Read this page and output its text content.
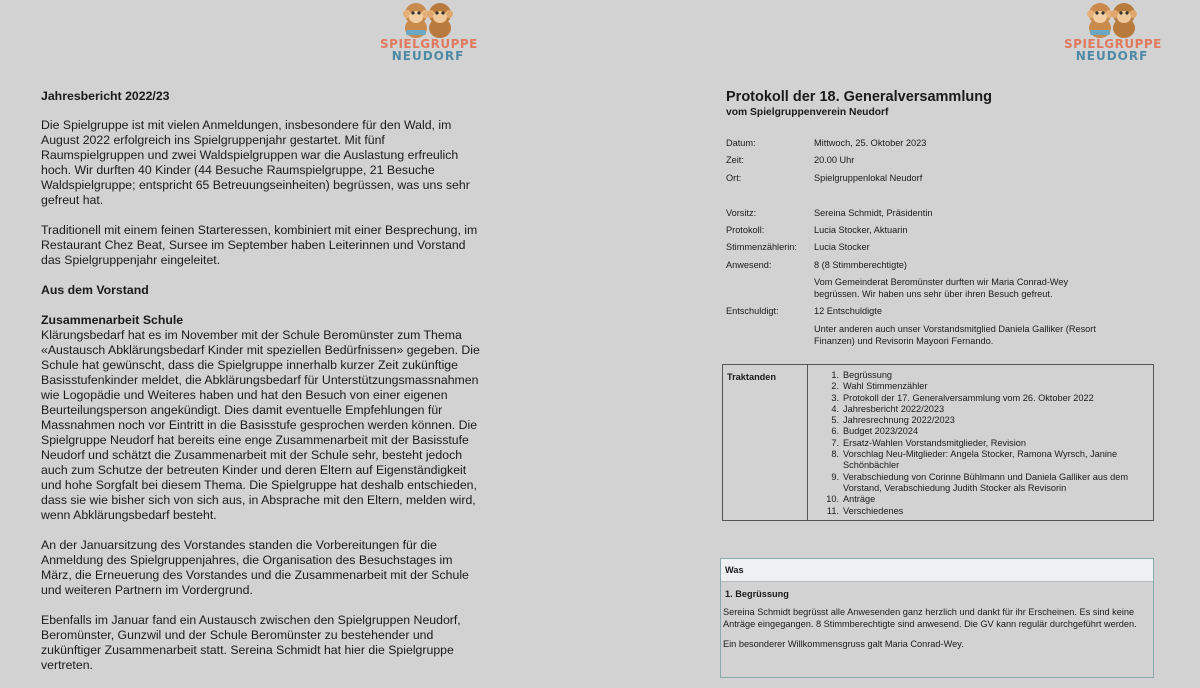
SPIELGRUPPE
NEUDORF
SPIELGRUPPE
NEUDORF
Jahresbericht 2022/23

Die Spielgruppe ist mit vielen Anmeldungen, insbesondere für den Wald, im August 2022 erfolgreich ins Spielgruppenjahr gestartet. Mit fünf Raumspielgruppen und zwei Waldspielgruppen war die Auslastung erfreulich hoch. Wir durften 40 Kinder (44 Besuche Raumspielgruppe, 21 Besuche Waldspielgruppe; entspricht 65 Betreuungseinheiten) begrüssen, was uns sehr gefreut hat.

Traditionell mit einem feinen Starteressen, kombiniert mit einer Besprechung, im Restaurant Chez Beat, Sursee im September haben Leiterinnen und Vorstand das Spielgruppenjahr eingeleitet.

Aus dem Vorstand
Zusammenarbeit Schule

Klärungsbedarf hat es im November mit der Schule Beromünster zum Thema «Austausch Abklärungsbedarf Kinder mit speziellen Bedürfnissen» gegeben. Die Schule hat gewünscht, dass die Spielgruppe innerhalb kurzer Zeit zukünftige Basisstufenkinder meldet, die Abklärungsbedarf für Unterstützungsmassnahmen wie Logopädie und Weiteres haben und hat den Besuch von einer eigenen Beurteilungsperson angekündigt. Dies damit eventuelle Empfehlungen für Massnahmen noch vor Eintritt in die Basisstufe gesprochen werden können. Die Spielgruppe Neudorf hat bereits eine enge Zusammenarbeit mit der Basisstufe Neudorf und schätzt die Zusammenarbeit mit der Schule sehr, besteht jedoch auch zum Schutze der betreuten Kinder und deren Eltern auf Eigenständigkeit und hohe Sorgfalt bei diesem Thema. Die Spielgruppe hat deshalb entschieden, dass sie wie bisher sich von sich aus, in Absprache mit den Eltern, melden wird, wenn Abklärungsbedarf besteht.

An der Januarsitzung des Vorstandes standen die Vorbereitungen für die Anmeldung des Spielgruppenjahres, die Organisation des Besuchstages im März, die Erneuerung des Vorstandes und die Zusammenarbeit mit der Schule und weiteren Partnern im Vordergrund.

Ebenfalls im Januar fand ein Austausch zwischen den Spielgruppen Neudorf, Beromünster, Gunzwil und der Schule Beromünster zu bestehender und zukünftiger Zusammenarbeit statt. Sereina Schmidt hat hier die Spielgruppe vertreten.

Protokoll der 18. Generalversammlung
vom Spielgruppenverein Neudorf
Datum:	Mittwoch, 25. Oktober 2023
Zeit:	20.00 Uhr
Ort:	Spielgruppenlokal Neudorf
Vorsitz:	Sereina Schmidt, Präsidentin
Protokoll:	Lucia Stocker, Aktuarin
Stimmenzählerin:	Lucia Stocker
Anwesend:	8 (8 Stimmberechtigte)
Vom Gemeinderat Beromünster durften wir Maria Conrad-Wey begrüssen. Wir haben uns sehr über ihren Besuch gefreut.
Entschuldigt:	12 Entschuldigte
Unter anderen auch unser Vorstandsmitglied Daniela Galliker (Resort Finanzen) und Revisorin Mayoori Fernando.
Traktanden	1. Begrüssung
2. Wahl Stimmenzähler
3. Protokoll der 17. Generalversammlung vom 26. Oktober 2022
4. Jahresbericht 2022/2023
5. Jahresrechnung 2022/2023
6. Budget 2023/2024
7. Ersatz-Wahlen Vorstandsmitglieder, Revision
8. Vorschlag Neu-Mitglieder: Angela Stocker, Ramona Wyrsch, Janine Schönbächler
9. Verabschiedung von Corinne Bühlmann und Daniela Galliker aus dem Vorstand, Verabschiedung Judith Stocker als Revisorin
10. Anträge
11. Verschiedenes
Was
1. Begrüssung

Sereina Schmidt begrüsst alle Anwesenden ganz herzlich und dankt für ihr Erscheinen. Es sind keine Anträge eingegangen. 8 Stimmberechtigte sind anwesend. Die GV kann regulär durchgeführt werden.

Ein besonderer Willkommensgruss galt Maria Conrad-Wey.
